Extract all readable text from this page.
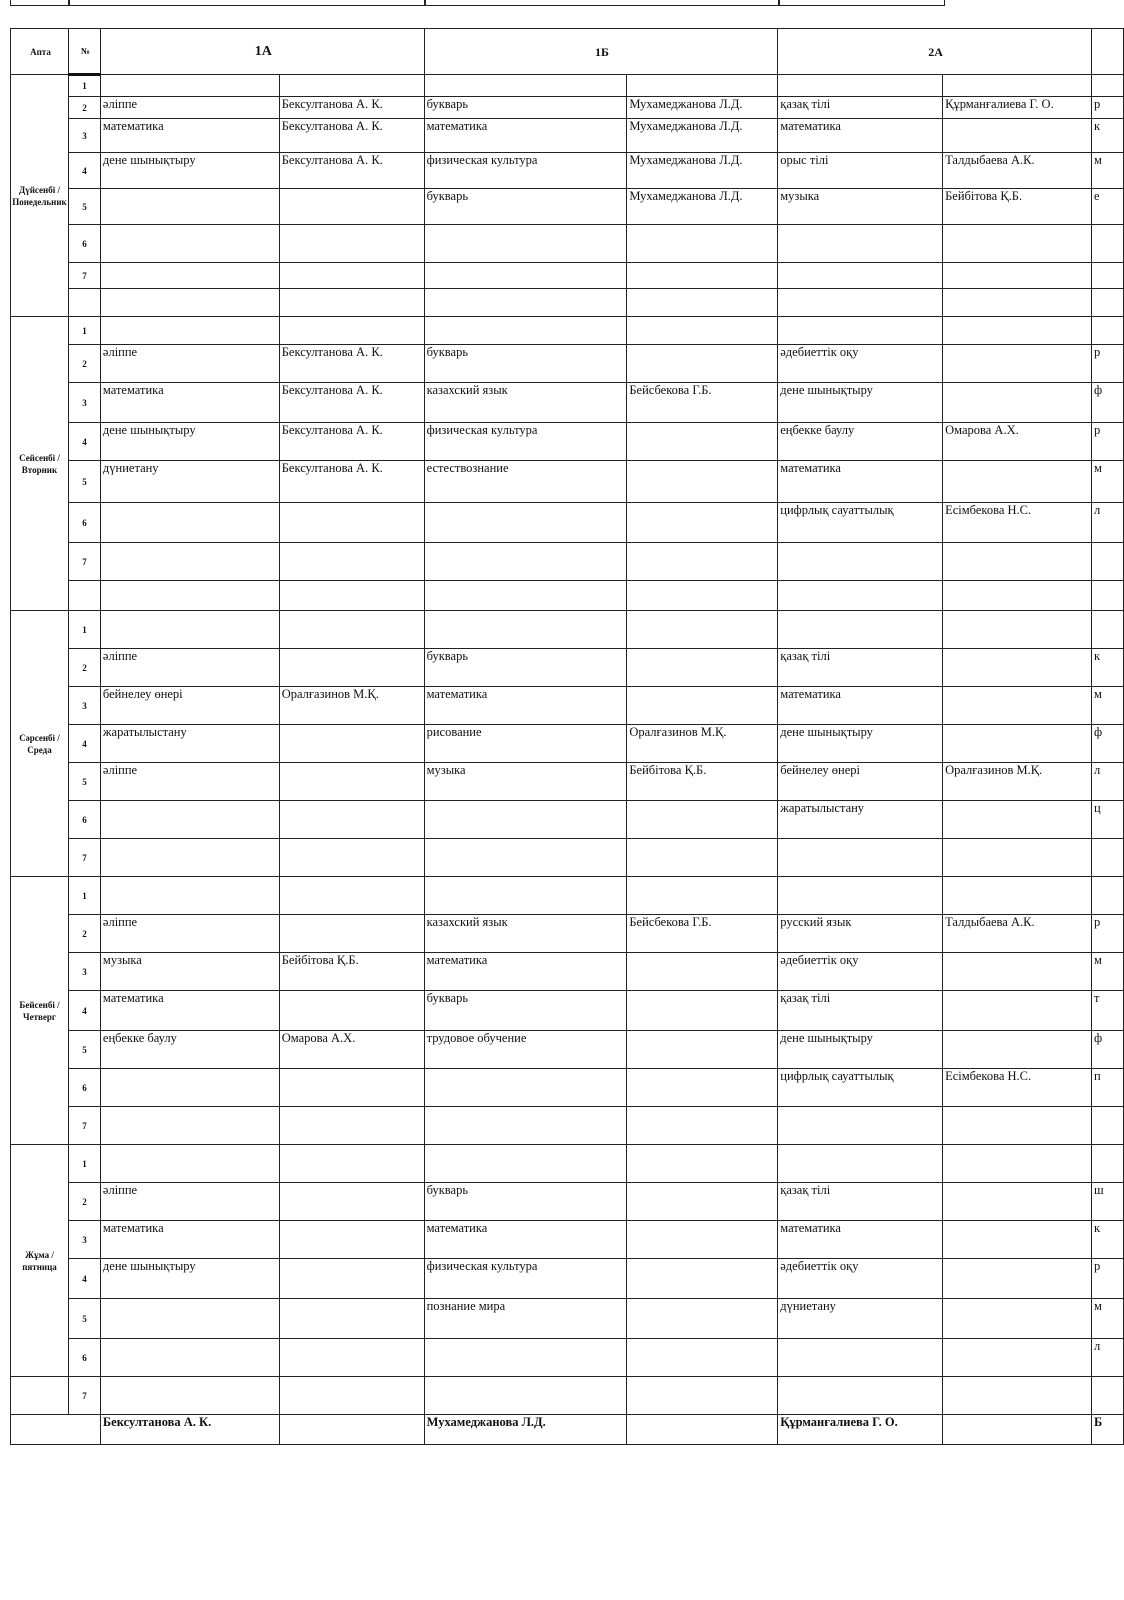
Апта	№	1А		1Б		2А		
Дүйсенбі / Понедельник	1							
	2	әліппе	Бексултанова А. К.	букварь	Мухамеджанова Л.Д.	қазақ тілі	Құрманғалиева Г. О.	р
	3	математика	Бексултанова А. К.	математика	Мухамеджанова Л.Д.	математика		к
	4	дене шынықтыру	Бексултанова А. К.	физическая культура	Мухамеджанова Л.Д.	орыс тілі	Талдыбаева А.К.	м
	5			букварь	Мухамеджанова Л.Д.	музыка	Бейбітова Қ.Б.	е
	6							
	7							

Сейсенбі / Вторник	1							
	2	әліппе	Бексултанова А. К.	букварь		әдебиеттік оқу		р
	3	математика	Бексултанова А. К.	казахский язык	Бейсбекова Г.Б.	дене шынықтыру		ф
	4	дене шынықтыру	Бексултанова А. К.	физическая культура		еңбекке баулу	Омарова А.Х.	р
	5	дүниетану	Бексултанова А. К.	естествознание		математика		м
	6					цифрлық сауаттылық	Есімбекова Н.С.	л
	7							

Сәрсенбі / Среда	1							
	2	әліппе		букварь		қазақ тілі		к
	3	бейнелеу өнері	Оралғазинов М.Қ.	математика		математика		м
	4	жаратылыстану		рисование	Оралғазинов М.Қ.	дене шынықтыру		ф
	5	әліппе		музыка	Бейбітова Қ.Б.	бейнелеу өнері	Оралғазинов М.Қ.	л
	6					жаратылыстану		ц
	7							
Бейсенбі / Четверг	1							
	2	әліппе		казахский язык	Бейсбекова Г.Б.	русский язык	Талдыбаева А.К.	р
	3	музыка	Бейбітова Қ.Б.	математика		әдебиеттік оқу		м
	4	математика		букварь		қазақ тілі		т
	5	еңбекке баулу	Омарова А.Х.	трудовое обучение		дене шынықтыру		ф
	6					цифрлық сауаттылық	Есімбекова Н.С.	п
	7							
Жұма / пятница	1							
	2	әліппе		букварь		қазақ тілі		ш
	3	математика		математика		математика		к
	4	дене шынықтыру		физическая культура		әдебиеттік оқу		р
	5			познание мира		дүниетану		м
	6							л
	7							
		Бексултанова А. К.		Мухамеджанова Л.Д.		Құрманғалиева Г. О.		Б
